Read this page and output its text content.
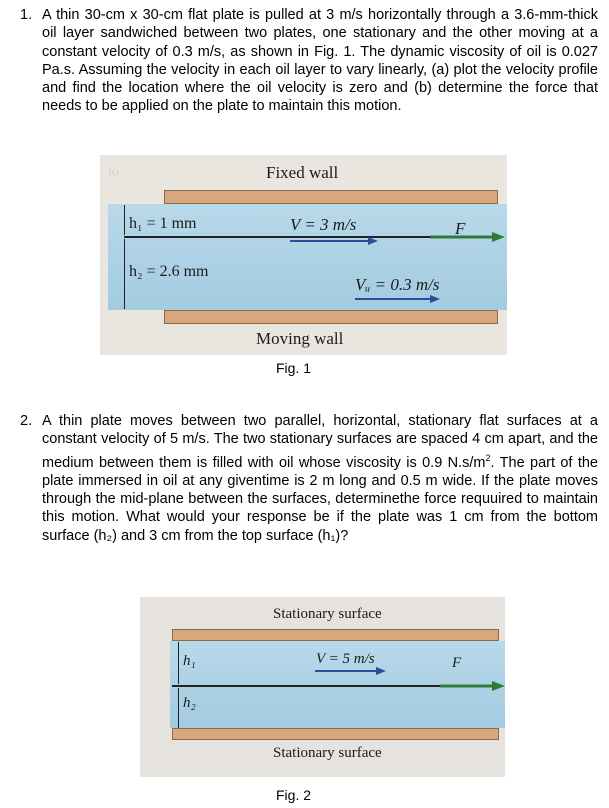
1. A thin 30-cm x 30-cm flat plate is pulled at 3 m/s horizontally through a 3.6-mm-thick oil layer sandwiched between two plates, one stationary and the other moving at a constant velocity of 0.3 m/s, as shown in Fig. 1. The dynamic viscosity of oil is 0.027 Pa.s. Assuming the velocity in each oil layer to vary linearly, (a) plot the velocity profile and find the location where the oil velocity is zero and (b) determine the force that needs to be applied on the plate to maintain this motion.
to	Fixed wall
Moving wall
h₁ = 1 mm
h₂ = 2.6 mm
V = 3 m/s	F
Vᵤ = 0.3 m/s
Fig. 1
2. A thin plate moves between two parallel, horizontal, stationary flat surfaces at a constant velocity of 5 m/s. The two stationary surfaces are spaced 4 cm apart, and the medium between them is filled with oil whose viscosity is 0.9 $N.s/m^2$. The part of the plate immersed in oil at any giventime is 2 m long and 0.5 m wide. If the plate moves through the mid-plane between the surfaces, determinethe force requuired to maintain this motion. What would your response be if the plate was 1 cm from the bottom surface (h₂) and 3 cm from the top surface (h₁)?
Stationary surface
Stationary surface
h₁
h₂
V = 5 m/s	F
Fig. 2
